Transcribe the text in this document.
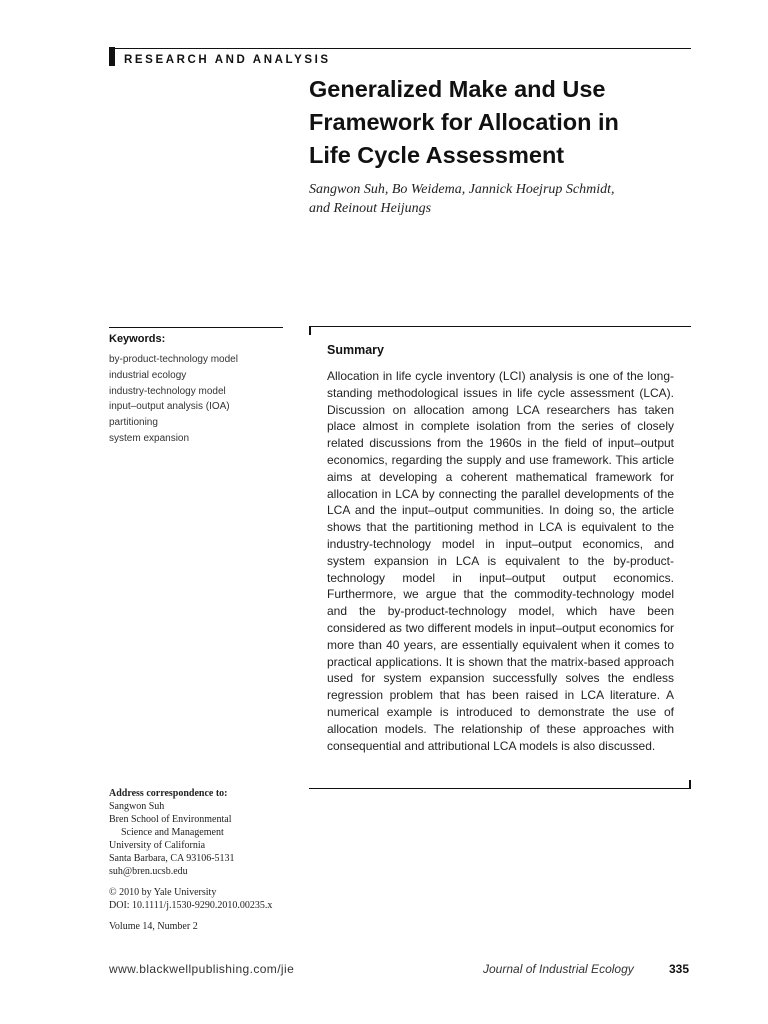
RESEARCH AND ANALYSIS
Generalized Make and Use
Framework for Allocation in
Life Cycle Assessment
Sangwon Suh, Bo Weidema, Jannick Hoejrup Schmidt,
and Reinout Heijungs
Keywords:
by-product-technology model
industrial ecology
industry-technology model
input–output analysis (IOA)
partitioning
system expansion
Summary
Allocation in life cycle inventory (LCI) analysis is one of the long-standing methodological issues in life cycle assessment (LCA). Discussion on allocation among LCA researchers has taken place almost in complete isolation from the series of closely related discussions from the 1960s in the field of input–output economics, regarding the supply and use framework. This article aims at developing a coherent mathematical framework for allocation in LCA by connecting the parallel developments of the LCA and the input–output communities. In doing so, the article shows that the partitioning method in LCA is equivalent to the industry-technology model in input–output economics, and system expansion in LCA is equivalent to the by-product-technology model in input–output output economics. Furthermore, we argue that the commodity-technology model and the by-product-technology model, which have been considered as two different models in input–output economics for more than 40 years, are essentially equivalent when it comes to practical applications. It is shown that the matrix-based approach used for system expansion successfully solves the endless regression problem that has been raised in LCA literature. A numerical example is introduced to demonstrate the use of allocation models. The relationship of these approaches with consequential and attributional LCA models is also discussed.
Address correspondence to:
Sangwon Suh
Bren School of Environmental
Science and Management
University of California
Santa Barbara, CA 93106-5131
suh@bren.ucsb.edu
© 2010 by Yale University
DOI: 10.1111/j.1530-9290.2010.00235.x
Volume 14, Number 2
www.blackwellpublishing.com/jie	Journal of Industrial Ecology	335
